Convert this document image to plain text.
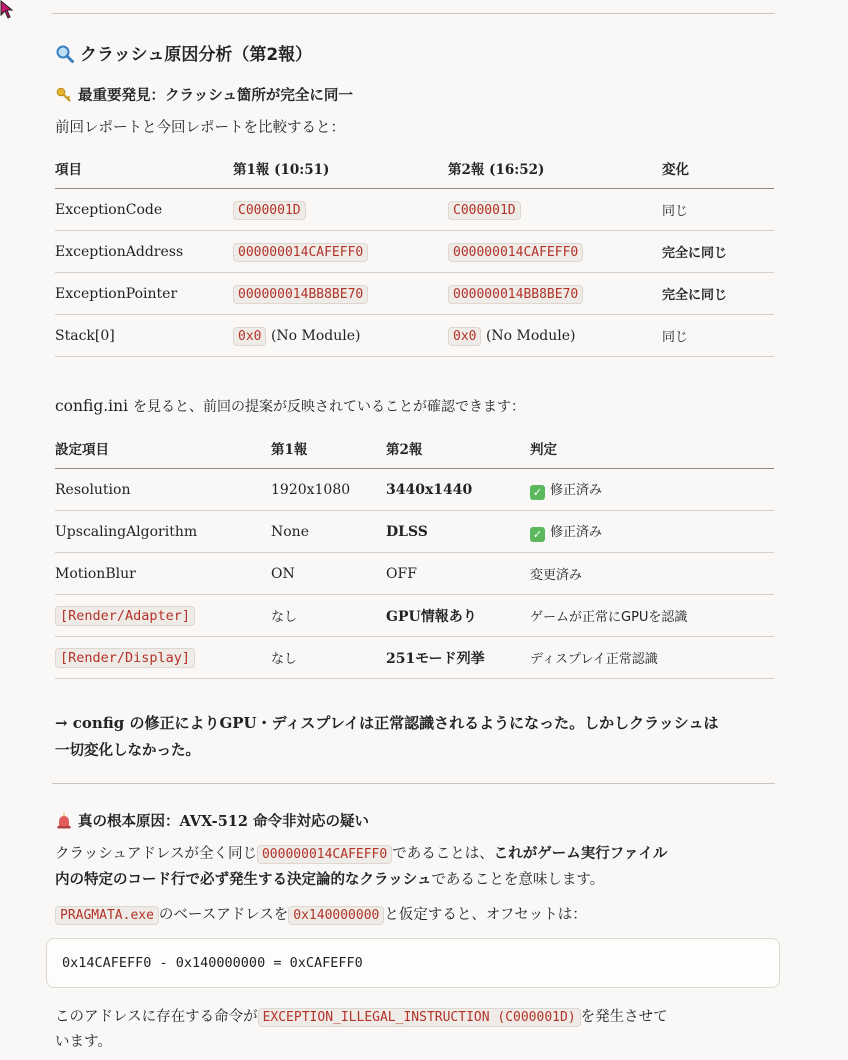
クラッシュ原因分析（第2報）
最重要発見：クラッシュ箇所が完全に同一
前回レポートと今回レポートを比較すると：
項目	第1報 (10:51)	第2報 (16:52)	変化
ExceptionCode	C000001D	C000001D	同じ
ExceptionAddress	000000014CAFEFF0	000000014CAFEFF0	完全に同じ
ExceptionPointer	000000014BB8BE70	000000014BB8BE70	完全に同じ
Stack[0]	0x0 (No Module)	0x0 (No Module)	同じ
config.ini を見ると、前回の提案が反映されていることが確認できます：
設定項目	第1報	第2報	判定
Resolution	1920x1080	3440x1440	✓ 修正済み
UpscalingAlgorithm	None	DLSS	✓ 修正済み
MotionBlur	ON	OFF	変更済み
[Render/Adapter]	なし	GPU情報あり	ゲームが正常にGPUを認識
[Render/Display]	なし	251モード列挙	ディスプレイ正常認識
→ config の修正によりGPU・ディスプレイは正常認識されるようになった。しかしクラッシュは
一切変化しなかった。
真の根本原因：AVX-512 命令非対応の疑い
クラッシュアドレスが全く同じ 000000014CAFEFF0 であることは、これがゲーム実行ファイル
内の特定のコード行で必ず発生する決定論的なクラッシュであることを意味します。
PRAGMATA.exe のベースアドレスを 0x140000000 と仮定すると、オフセットは：
0x14CAFEFF0 - 0x140000000 = 0xCAFEFF0
このアドレスに存在する命令が EXCEPTION_ILLEGAL_INSTRUCTION (C000001D) を発生させて
います。
